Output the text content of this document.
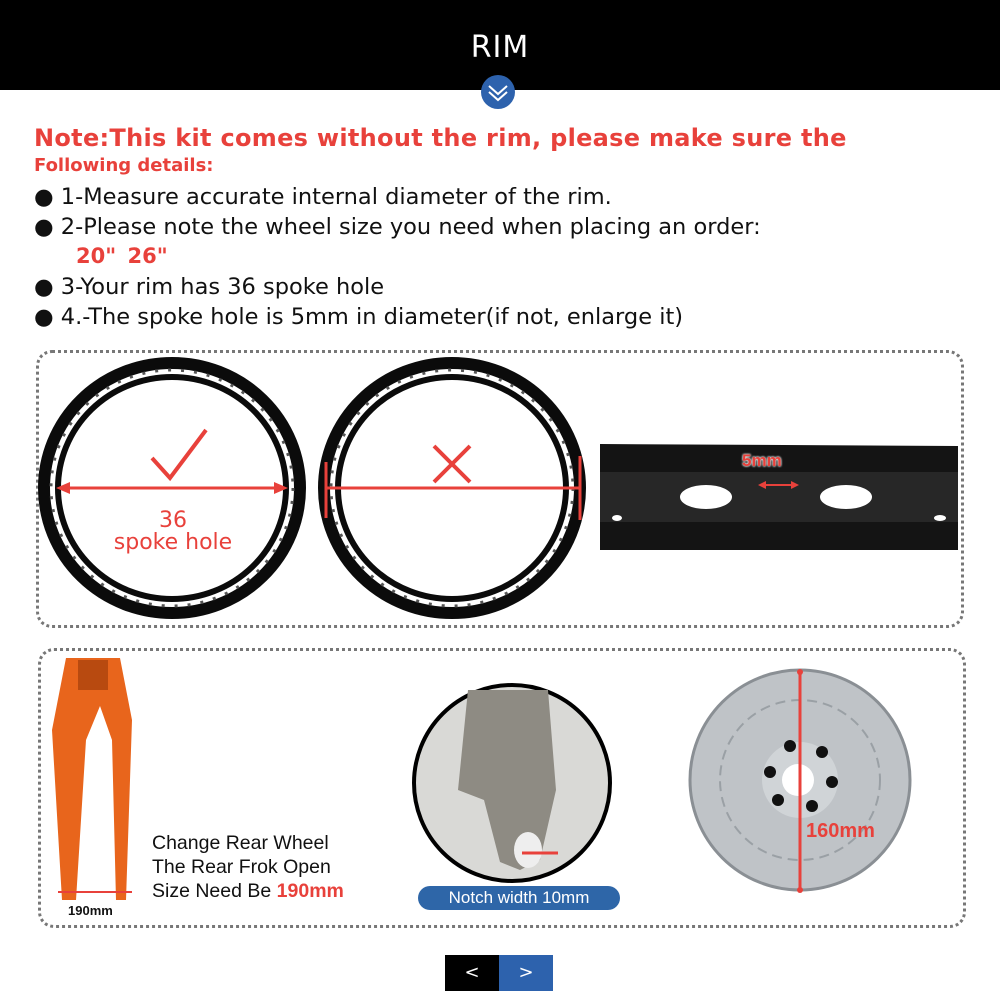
RIM
Note:This kit comes without the rim, please make sure the
Following details:
● 1-Measure accurate internal diameter of the rim.
● 2-Please note the wheel size you need when placing an order:
20" 26"
● 3-Your rim has 36 spoke hole
● 4.-The spoke hole is 5mm in diameter(if not, enlarge it)
36
spoke hole
5mm
Change Rear Wheel
The Rear Frok Open
Size Need Be 190mm
190mm
Notch width 10mm
160mm
<	>
